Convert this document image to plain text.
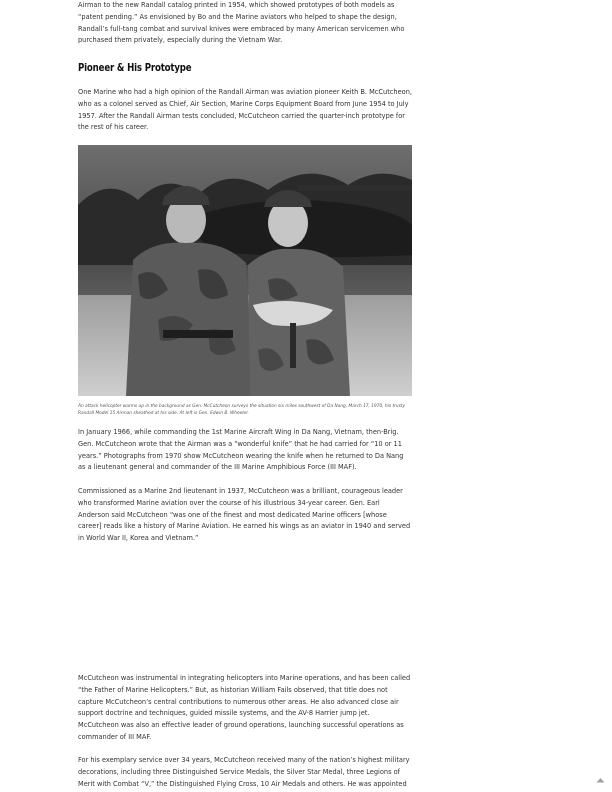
Airman to the new Randall catalog printed in 1954, which showed prototypes of both models as “patent pending.” As envisioned by Bo and the Marine aviators who helped to shape the design, Randall’s full-tang combat and survival knives were embraced by many American servicemen who purchased them privately, especially during the Vietnam War.

Pioneer & His Prototype

One Marine who had a high opinion of the Randall Airman was aviation pioneer Keith B. McCutcheon, who as a colonel served as Chief, Air Section, Marine Corps Equipment Board from June 1954 to July 1957. After the Randall Airman tests concluded, McCutcheon carried the quarter-inch prototype for the rest of his career.

An attack helicopter warms up in the background as Gen. McCutcheon surveys the situation six miles southwest of Da Nang, March 17, 1970, his trusty Randall Model 15 Airman sheathed at his side. At left is Gen. Edwin B. Wheeler.

In January 1966, while commanding the 1st Marine Aircraft Wing in Da Nang, Vietnam, then-Brig. Gen. McCutcheon wrote that the Airman was a “wonderful knife” that he had carried for “10 or 11 years.” Photographs from 1970 show McCutcheon wearing the knife when he returned to Da Nang as a lieutenant general and commander of the III Marine Amphibious Force (III MAF).

Commissioned as a Marine 2nd lieutenant in 1937, McCutcheon was a brilliant, courageous leader who transformed Marine aviation over the course of his illustrious 34-year career. Gen. Earl Anderson said McCutcheon “was one of the finest and most dedicated Marine officers [whose career] reads like a history of Marine Aviation. He earned his wings as an aviator in 1940 and served in World War II, Korea and Vietnam.”

McCutcheon was instrumental in integrating helicopters into Marine operations, and has been called “the Father of Marine Helicopters.” But, as historian William Fails observed, that title does not capture McCutcheon’s central contributions to numerous other areas. He also advanced close air support doctrine and techniques, guided missile systems, and the AV-8 Harrier jump jet. McCutcheon was also an effective leader of ground operations, launching successful operations as commander of III MAF.

For his exemplary service over 34 years, McCutcheon received many of the nation’s highest military decorations, including three Distinguished Service Medals, the Silver Star Medal, three Legions of Merit with Combat “V,” the Distinguished Flying Cross, 10 Air Medals and others. He was appointed
